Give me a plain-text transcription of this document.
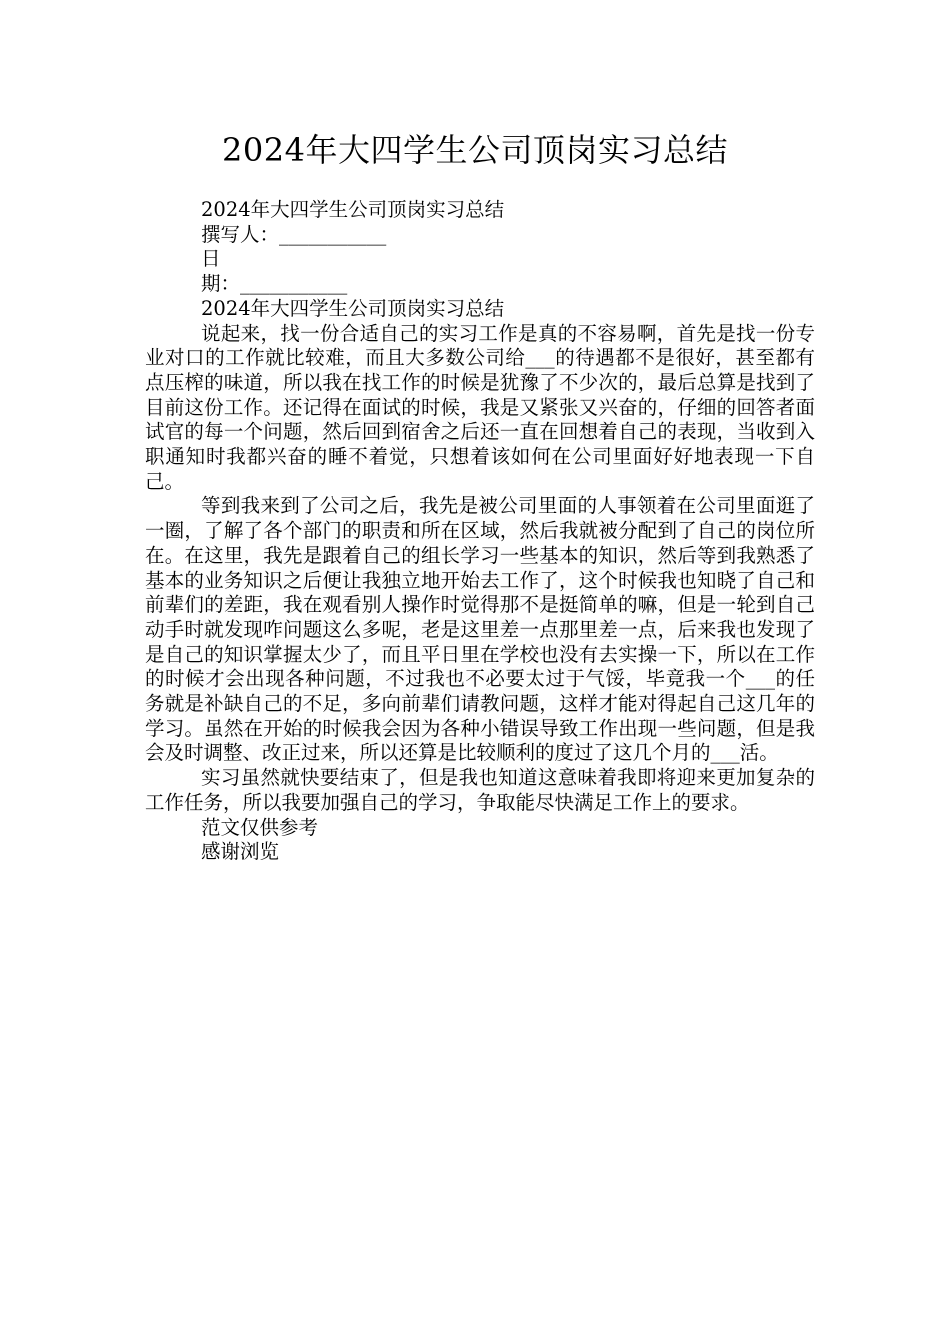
2024年大四学生公司顶岗实习总结
2024年大四学生公司顶岗实习总结
撰写人：___________
日
期：___________
2024年大四学生公司顶岗实习总结

说起来，找一份合适自己的实习工作是真的不容易啊，首先是找一份专业对口的工作就比较难，而且大多数公司给___的待遇都不是很好，甚至都有点压榨的味道，所以我在找工作的时候是犹豫了不少次的，最后总算是找到了目前这份工作。还记得在面试的时候，我是又紧张又兴奋的，仔细的回答者面试官的每一个问题，然后回到宿舍之后还一直在回想着自己的表现，当收到入职通知时我都兴奋的睡不着觉，只想着该如何在公司里面好好地表现一下自己。

等到我来到了公司之后，我先是被公司里面的人事领着在公司里面逛了一圈，了解了各个部门的职责和所在区域，然后我就被分配到了自己的岗位所在。在这里，我先是跟着自己的组长学习一些基本的知识，然后等到我熟悉了基本的业务知识之后便让我独立地开始去工作了，这个时候我也知晓了自己和前辈们的差距，我在观看别人操作时觉得那不是挺简单的嘛，但是一轮到自己动手时就发现咋问题这么多呢，老是这里差一点那里差一点，后来我也发现了是自己的知识掌握太少了，而且平日里在学校也没有去实操一下，所以在工作的时候才会出现各种问题，不过我也不必要太过于气馁，毕竟我一个___的任务就是补缺自己的不足，多向前辈们请教问题，这样才能对得起自己这几年的学习。虽然在开始的时候我会因为各种小错误导致工作出现一些问题，但是我会及时调整、改正过来，所以还算是比较顺利的度过了这几个月的___活。

实习虽然就快要结束了，但是我也知道这意味着我即将迎来更加复杂的工作任务，所以我要加强自己的学习，争取能尽快满足工作上的要求。

范文仅供参考
感谢浏览
